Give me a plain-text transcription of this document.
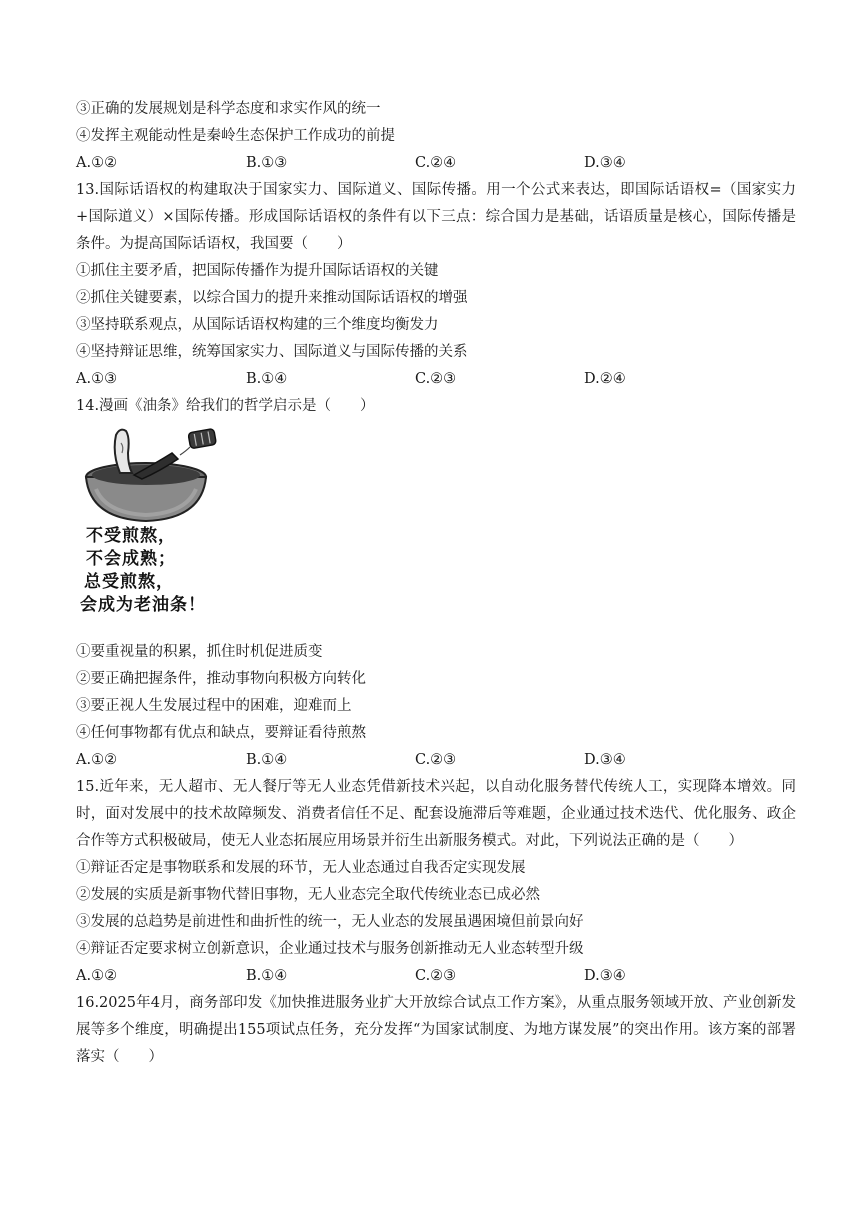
③正确的发展规划是科学态度和求实作风的统一
④发挥主观能动性是秦岭生态保护工作成功的前提
A.①②	B.①③	C.②④	D.③④
13.国际话语权的构建取决于国家实力、国际道义、国际传播。用一个公式来表达，即国际话语权=（国家实力+国际道义）×国际传播。形成国际话语权的条件有以下三点：综合国力是基础，话语质量是核心，国际传播是条件。为提高国际话语权，我国要（　　）
①抓住主要矛盾，把国际传播作为提升国际话语权的关键
②抓住关键要素，以综合国力的提升来推动国际话语权的增强
③坚持联系观点，从国际话语权构建的三个维度均衡发力
④坚持辩证思维，统筹国家实力、国际道义与国际传播的关系
A.①③	B.①④	C.②③	D.②④
14.漫画《油条》给我们的哲学启示是（　　）
不受煎熬，
不会成熟；
总受煎熬，
会成为老油条！
①要重视量的积累，抓住时机促进质变
②要正确把握条件，推动事物向积极方向转化
③要正视人生发展过程中的困难，迎难而上
④任何事物都有优点和缺点，要辩证看待煎熬
A.①②	B.①④	C.②③	D.③④
15.近年来，无人超市、无人餐厅等无人业态凭借新技术兴起，以自动化服务替代传统人工，实现降本增效。同时，面对发展中的技术故障频发、消费者信任不足、配套设施滞后等难题，企业通过技术迭代、优化服务、政企合作等方式积极破局，使无人业态拓展应用场景并衍生出新服务模式。对此，下列说法正确的是（　　）
①辩证否定是事物联系和发展的环节，无人业态通过自我否定实现发展
②发展的实质是新事物代替旧事物，无人业态完全取代传统业态已成必然
③发展的总趋势是前进性和曲折性的统一，无人业态的发展虽遇困境但前景向好
④辩证否定要求树立创新意识，企业通过技术与服务创新推动无人业态转型升级
A.①②	B.①④	C.②③	D.③④
16.2025年4月，商务部印发《加快推进服务业扩大开放综合试点工作方案》，从重点服务领域开放、产业创新发展等多个维度，明确提出155项试点任务，充分发挥“为国家试制度、为地方谋发展”的突出作用。该方案的部署落实（　　）
